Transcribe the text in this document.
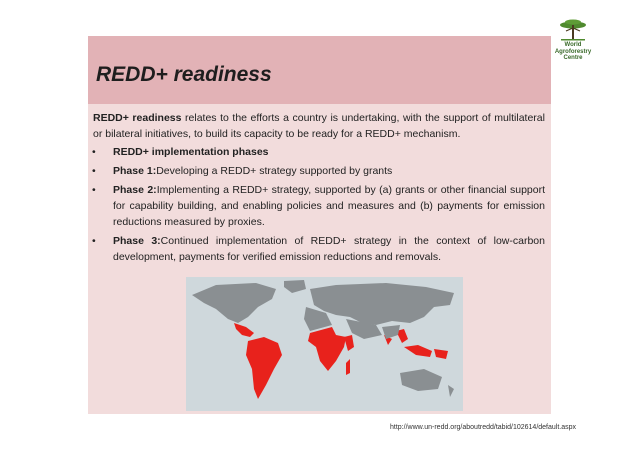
World
Agroforestry
Centre
REDD+ readiness

REDD+ readiness relates to the efforts a country is undertaking, with the support of multilateral or bilateral initiatives, to build its capacity to be ready for a REDD+ mechanism.

• REDD+ implementation phases
• Phase 1:Developing a REDD+ strategy supported by grants
• Phase 2:Implementing a REDD+ strategy, supported by (a) grants or other financial support for capability building, and enabling policies and measures and (b) payments for emission reductions measured by proxies.
• Phase 3:Continued implementation of REDD+ strategy in the context of low-carbon development, payments for verified emission reductions and removals.
http://www.un-redd.org/aboutredd/tabid/102614/default.aspx
